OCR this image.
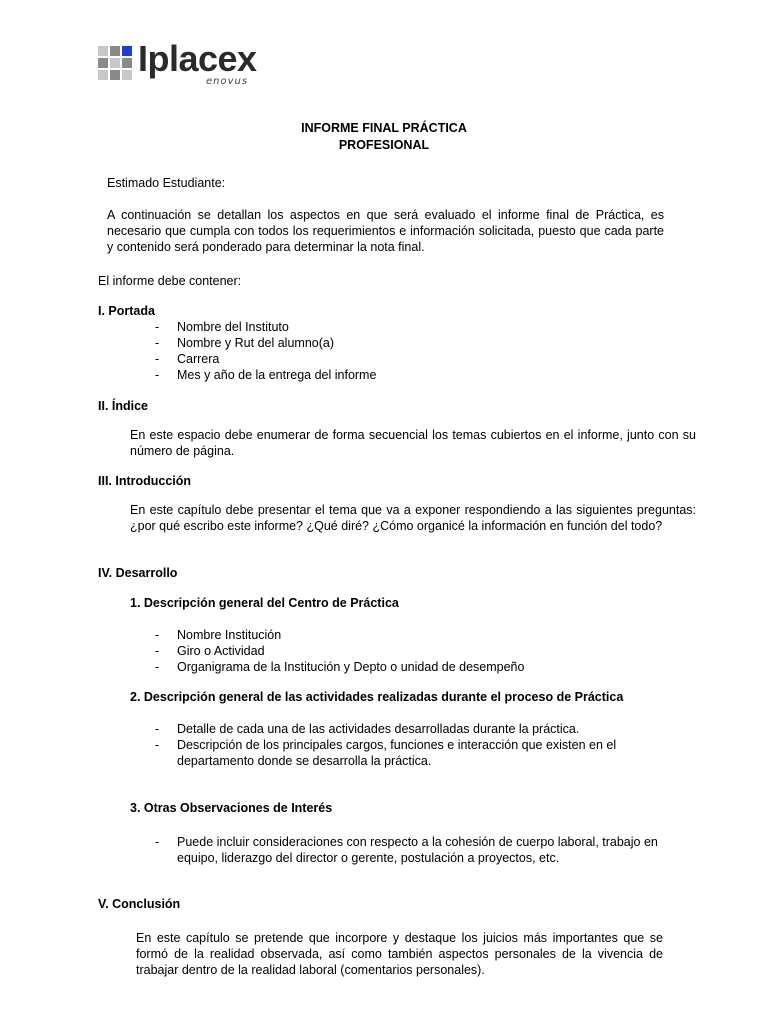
Iplacex
enovus
INFORME FINAL PRÁCTICA
PROFESIONAL
Estimado Estudiante:
A continuación se detallan los aspectos en que será evaluado el informe final de Práctica, es necesario que cumpla con todos los requerimientos e información solicitada, puesto que cada parte y contenido será ponderado para determinar la nota final.
El informe debe contener:
I. Portada
- Nombre del Instituto
- Nombre y Rut del alumno(a)
- Carrera
- Mes y año de la entrega del informe
II. Índice
En este espacio debe enumerar de forma secuencial los temas cubiertos en el informe, junto con su número de página.
III. Introducción
En este capítulo debe presentar el tema que va a exponer respondiendo a las siguientes preguntas: ¿por qué escribo este informe? ¿Qué diré? ¿Cómo organicé la información en función del todo?
IV. Desarrollo
1. Descripción general del Centro de Práctica
- Nombre Institución
- Giro o Actividad
- Organigrama de la Institución y Depto o unidad de desempeño
2. Descripción general de las actividades realizadas durante el proceso de Práctica
- Detalle de cada una de las actividades desarrolladas durante la práctica.
- Descripción de los principales cargos, funciones e interacción que existen en el departamento donde se desarrolla la práctica.
3. Otras Observaciones de Interés
- Puede incluir consideraciones con respecto a la cohesión de cuerpo laboral, trabajo en equipo, liderazgo del director o gerente, postulación a proyectos, etc.
V. Conclusión
En este capítulo se pretende que incorpore y destaque los juicios más importantes que se formó de la realidad observada, así como también aspectos personales de la vivencia de trabajar dentro de la realidad laboral (comentarios personales).
